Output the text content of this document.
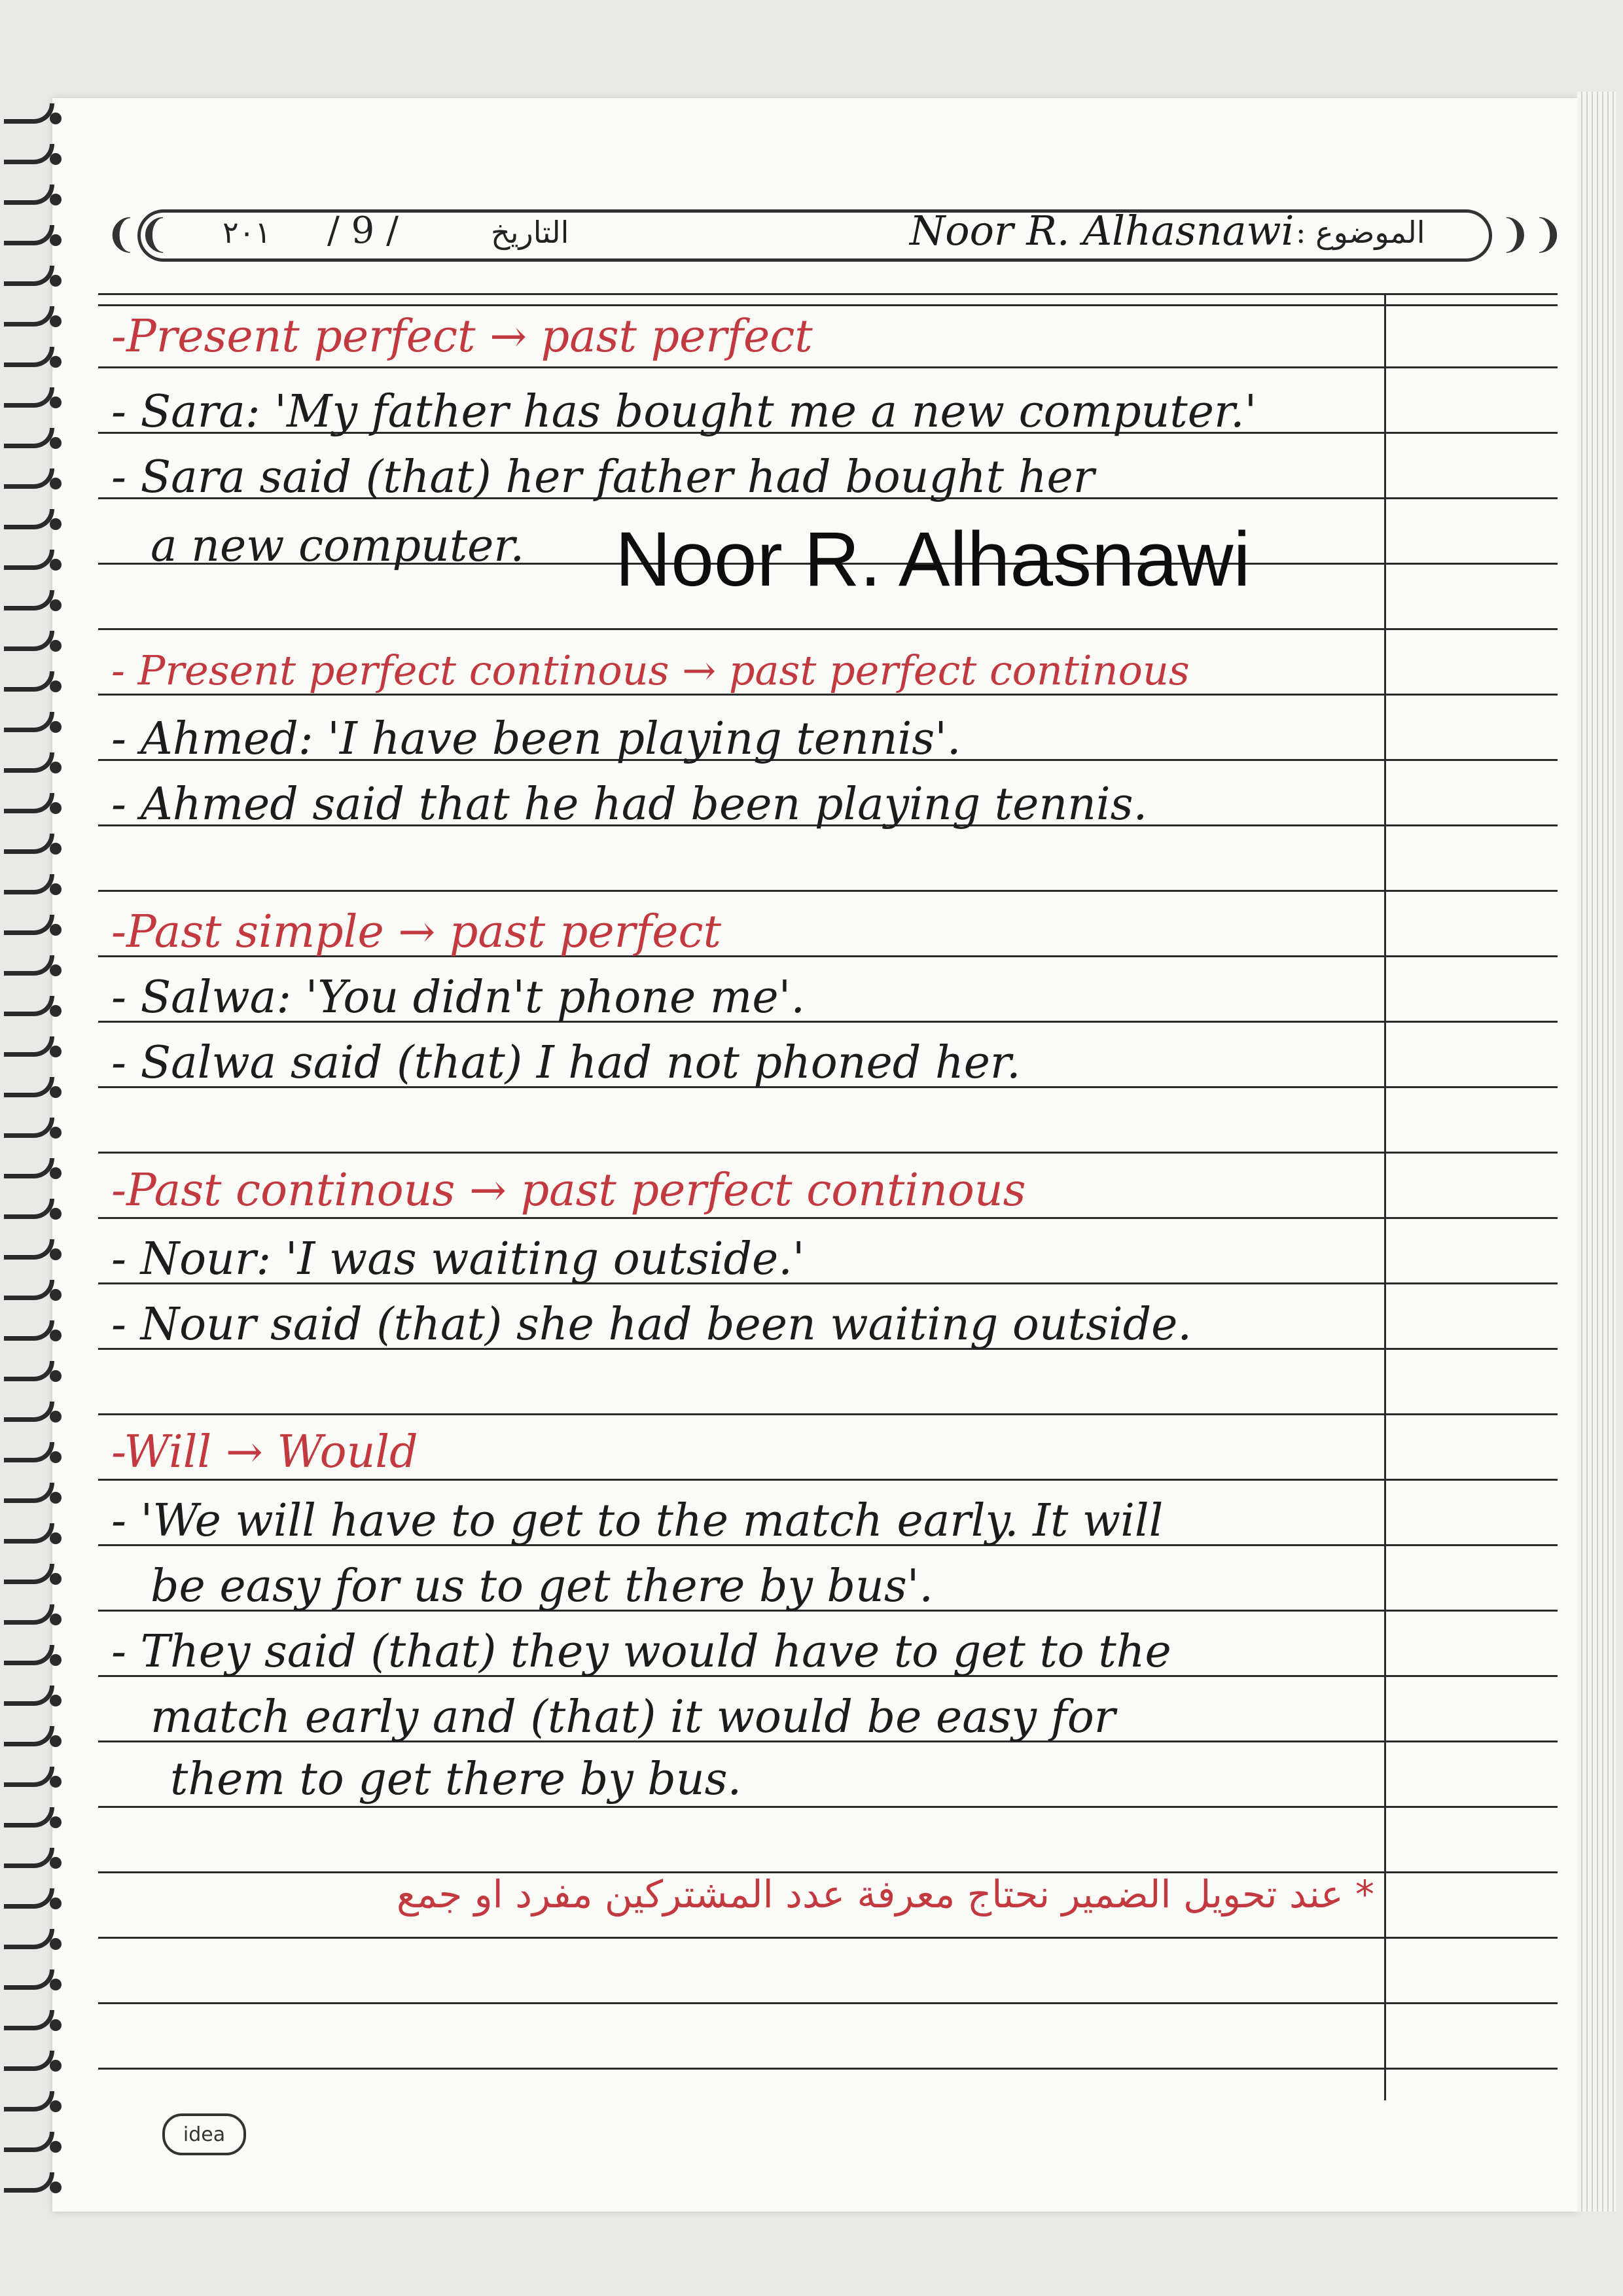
❨❨	❩❩
٢٠١ / 9 /	التاريخ	Noor R. Alhasnawi الموضوع :
-Present perfect → past perfect
- Sara: 'My father has bought me a new computer.'
- Sara said (that) her father had bought her
a new computer. Noor R. Alhasnawi
- Present perfect continous → past perfect continous
- Ahmed: 'I have been playing tennis'.
- Ahmed said that he had been playing tennis.
-Past simple → past perfect
- Salwa: 'You didn't phone me'.
- Salwa said (that) I had not phoned her.
-Past continous → past perfect continous
- Nour: 'I was waiting outside.'
- Nour said (that) she had been waiting outside.
-Will → Would
- 'We will have to get to the match early. It will
be easy for us to get there by bus'.
- They said (that) they would have to get to the
match early and (that) it would be easy for
them to get there by bus.
* عند تحويل الضمير نحتاج معرفة عدد المشتركين مفرد او جمع
idea
